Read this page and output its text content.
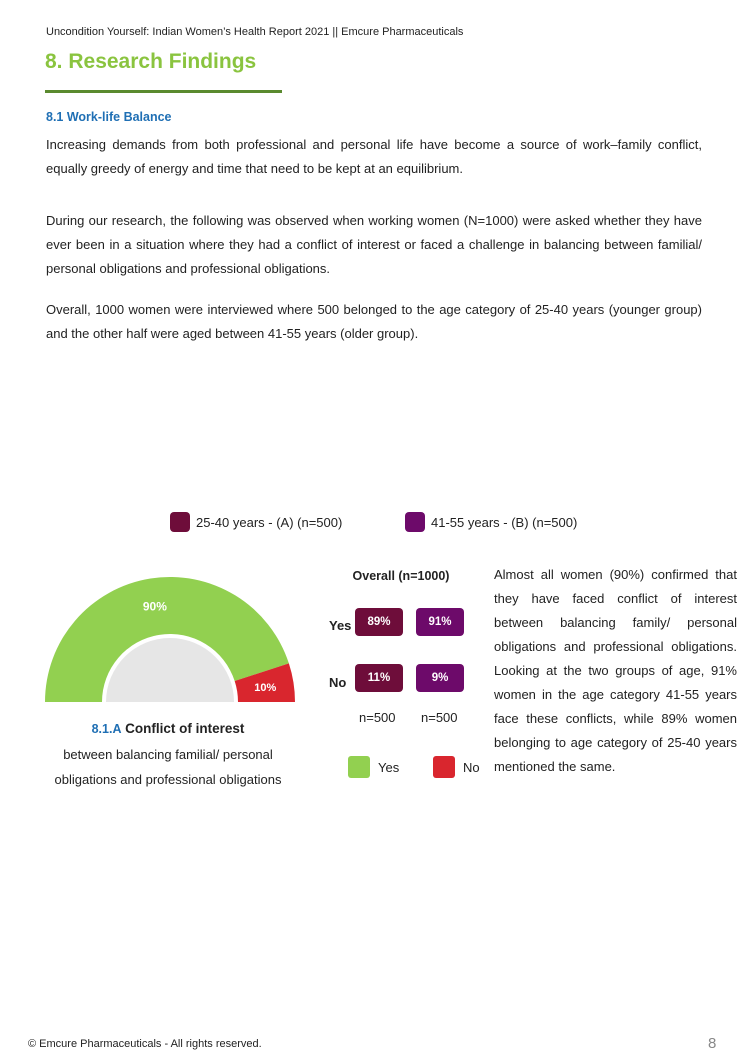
Uncondition Yourself: Indian Women’s Health Report 2021 || Emcure Pharmaceuticals
8. Research Findings
8.1 Work-life Balance
Increasing demands from both professional and personal life have become a source of work–family conflict, equally greedy of energy and time that need to be kept at an equilibrium.
During our research, the following was observed when working women (N=1000) were asked whether they have ever been in a situation where they had a conflict of interest or faced a challenge in balancing between familial/ personal obligations and professional obligations.
Overall, 1000 women were interviewed where 500 belonged to the age category of 25-40 years (younger group) and the other half were aged between 41-55 years (older group).
25-40 years - (A) (n=500)	41-55 years - (B) (n=500)
90%
10%
8.1.A Conflict of interest
between balancing familial/ personal
obligations and professional obligations
Overall (n=1000)
Yes	89%	91%
No	11%	9%
n=500 n=500
Yes	No
Almost all women (90%) confirmed that they have faced conflict of interest between balancing family/ personal obligations and professional obligations. Looking at the two groups of age, 91% women in the age category 41-55 years face these conflicts, while 89% women belonging to age category of 25-40 years mentioned the same.
© Emcure Pharmaceuticals - All rights reserved.	8
